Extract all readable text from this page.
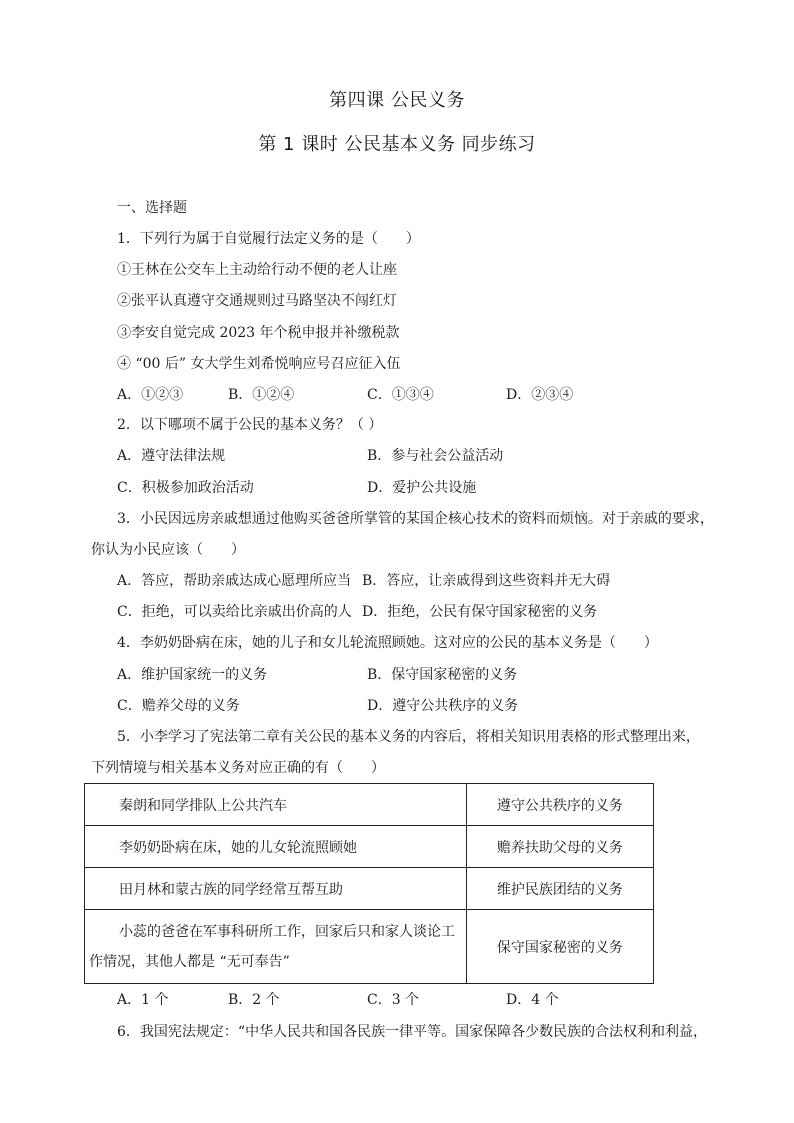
第四课 公民义务
第 1 课时 公民基本义务 同步练习
一、选择题
1．下列行为属于自觉履行法定义务的是（　　）
①王林在公交车上主动给行动不便的老人让座
②张平认真遵守交通规则过马路坚决不闯红灯
③李安自觉完成 2023 年个税申报并补缴税款
④ “00 后” 女大学生刘希悦响应号召应征入伍
A．①②③	B．①②④	C．①③④	D．②③④
2．以下哪项不属于公民的基本义务？（ ）
A．遵守法律法规	B．参与社会公益活动
C．积极参加政治活动	D．爱护公共设施
3．小民因远房亲戚想通过他购买爸爸所掌管的某国企核心技术的资料而烦恼。对于亲戚的要求，
你认为小民应该（　　）
A．答应，帮助亲戚达成心愿理所应当 B．答应，让亲戚得到这些资料并无大碍
C．拒绝，可以卖给比亲戚出价高的人 D．拒绝，公民有保守国家秘密的义务
4．李奶奶卧病在床，她的儿子和女儿轮流照顾她。这对应的公民的基本义务是（　　）
A．维护国家统一的义务	B．保守国家秘密的义务
C．赡养父母的义务	D．遵守公共秩序的义务
5．小李学习了宪法第二章有关公民的基本义务的内容后，将相关知识用表格的形式整理出来，
下列情境与相关基本义务对应正确的有（　　）
秦朗和同学排队上公共汽车	遵守公共秩序的义务
李奶奶卧病在床，她的儿女轮流照顾她	赡养扶助父母的义务
田月林和蒙古族的同学经常互帮互助	维护民族团结的义务

小蕊的爸爸在军事科研所工作，回家后只和家人谈论工
作情况，其他人都是 “无可奉告”	保守国家秘密的义务
A．1 个	B．2 个	C．3 个	D．4 个
6．我国宪法规定：“中华人民共和国各民族一律平等。国家保障各少数民族的合法权利和利益，
